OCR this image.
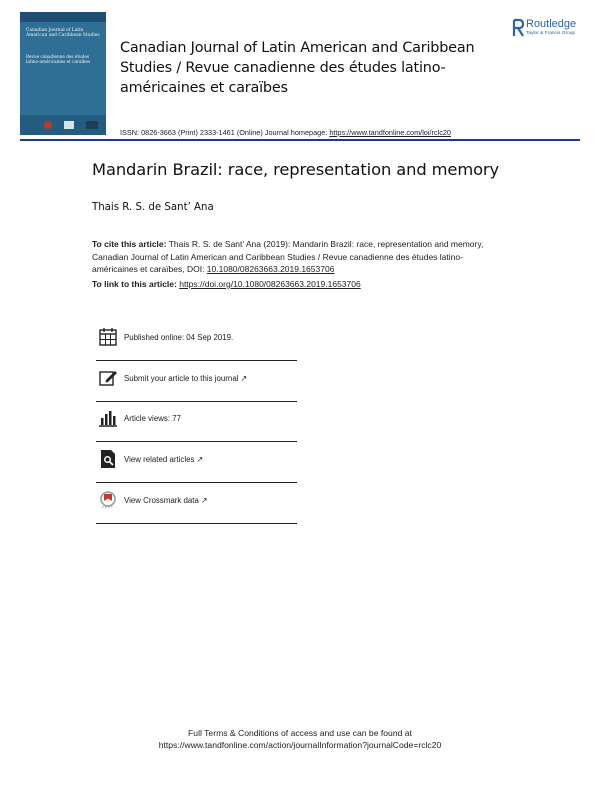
Canadian Journal of Latin American and Caribbean Studies
Revue canadienne des études latino-américaines et caraïbes
Canadian Journal of Latin American and Caribbean Studies / Revue canadienne des études latino-américaines et caraïbes
Routledge
Taylor & Francis Group
ISSN: 0826-3663 (Print) 2333-1461 (Online) Journal homepage: https://www.tandfonline.com/loi/rclc20
Mandarin Brazil: race, representation and memory
Thais R. S. de Sant’ Ana
To cite this article: Thais R. S. de Sant’ Ana (2019): Mandarin Brazil: race, representation and memory, Canadian Journal of Latin American and Caribbean Studies / Revue canadienne des études latino-américaines et caraïbes, DOI: 10.1080/08263663.2019.1653706
To link to this article: https://doi.org/10.1080/08263663.2019.1653706
Published online: 04 Sep 2019.
Submit your article to this journal ↗
Article views: 77
View related articles ↗
View Crossmark data ↗
Full Terms & Conditions of access and use can be found at
https://www.tandfonline.com/action/journalInformation?journalCode=rclc20
